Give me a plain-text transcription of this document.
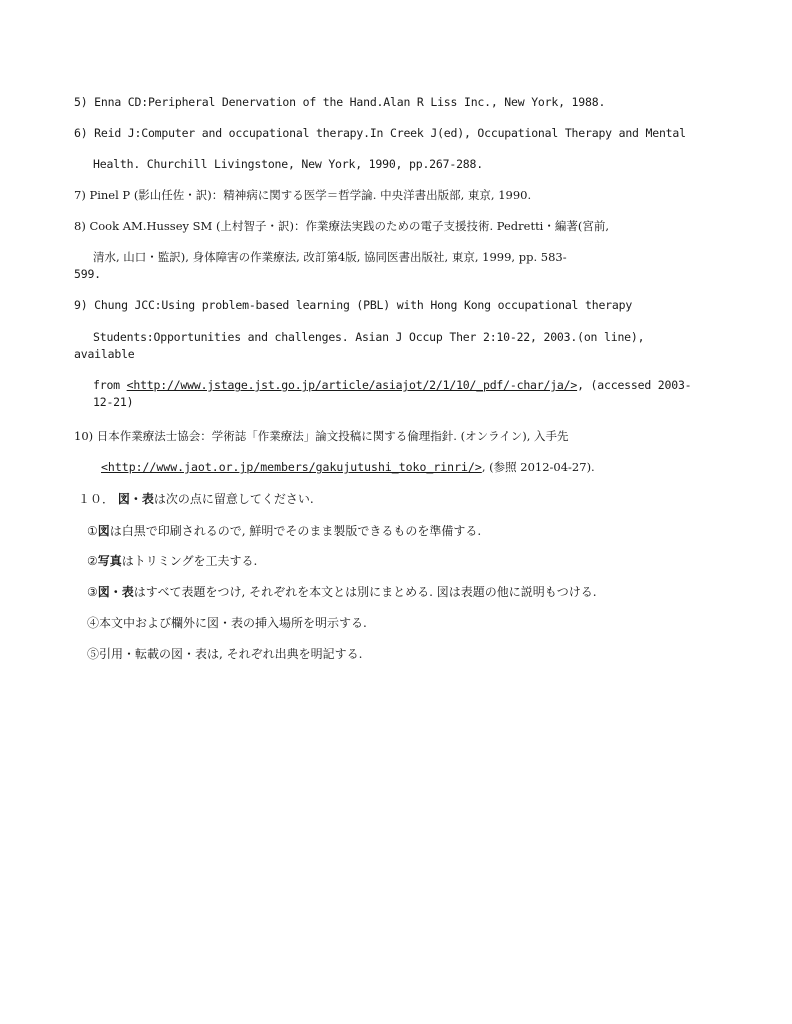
5) Enna CD:Peripheral Denervation of the Hand.Alan R Liss Inc., New York, 1988.
6) Reid J:Computer and occupational therapy.In Creek J(ed), Occupational Therapy and Mental
Health. Churchill Livingstone, New York, 1990, pp.267-288.
7) Pinel P (影山任佐・訳)：精神病に関する医学＝哲学論. 中央洋書出版部, 東京, 1990.
8) Cook AM.Hussey SM (上村智子・訳)：作業療法実践のための電子支援技術. Pedretti・編著(宮前,
清水, 山口・監訳), 身体障害の作業療法, 改訂第4版, 協同医書出版社, 東京, 1999, pp. 583-
599.
9) Chung JCC:Using problem-based learning (PBL) with Hong Kong occupational therapy
Students:Opportunities and challenges. Asian J Occup Ther 2:10-22, 2003.(on line),
available
from <http://www.jstage.jst.go.jp/article/asiajot/2/1/10/_pdf/-char/ja/>, (accessed 2003-
12-21)
10) 日本作業療法士協会：学術誌「作業療法」論文投稿に関する倫理指針. (オンライン), 入手先
<http://www.jaot.or.jp/members/gakujutushi_toko_rinri/>, (参照 2012-04-27).
１０． 図・表は次の点に留意してください.
①図は白黒で印刷されるので, 鮮明でそのまま製版できるものを準備する.
②写真はトリミングを工夫する.
③図・表はすべて表題をつけ, それぞれを本文とは別にまとめる. 図は表題の他に説明もつける.
④本文中および欄外に図・表の挿入場所を明示する.
⑤引用・転載の図・表は, それぞれ出典を明記する.
